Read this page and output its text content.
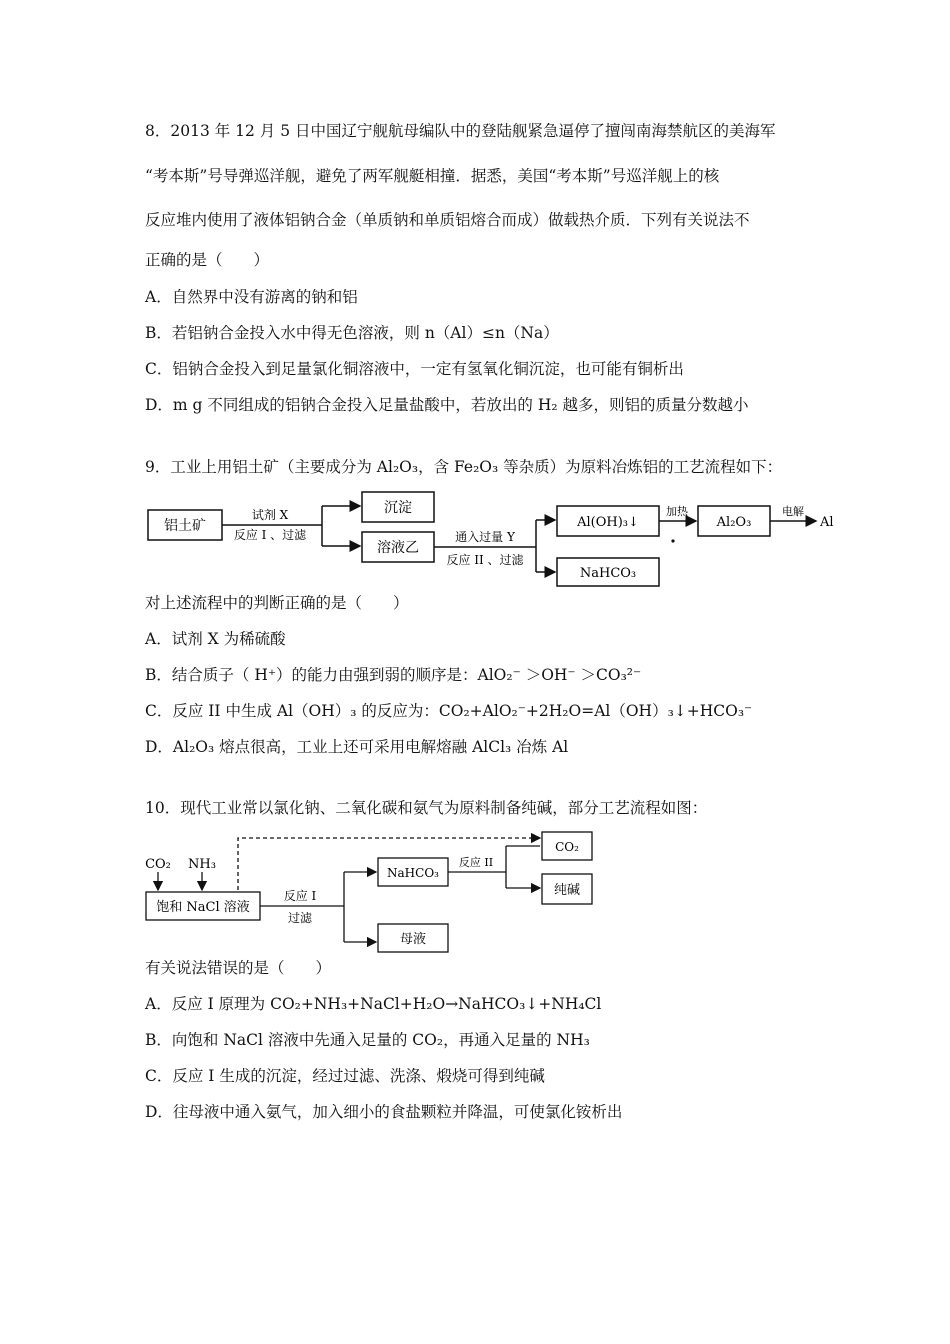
8．2013 年 12 月 5 日中国辽宁舰航母编队中的登陆舰紧急逼停了擅闯南海禁航区的美海军
“考本斯”号导弹巡洋舰，避免了两军舰艇相撞．据悉，美国“考本斯”号巡洋舰上的核
反应堆内使用了液体铝钠合金（单质钠和单质铝熔合而成）做载热介质．下列有关说法不
正确的是（　　）
A．自然界中没有游离的钠和铝
B．若铝钠合金投入水中得无色溶液，则 n（Al）≤n（Na）
C．铝钠合金投入到足量氯化铜溶液中，一定有氢氧化铜沉淀，也可能有铜析出
D．m g 不同组成的铝钠合金投入足量盐酸中，若放出的 H₂ 越多，则铝的质量分数越小
9．工业上用铝土矿（主要成分为 Al₂O₃，含 Fe₂O₃ 等杂质）为原料冶炼铝的工艺流程如下：
铝土矿
试剂 X
反应 I 、过滤
沉淀
溶液乙
通入过量 Y
反应 II 、过滤
Al(OH)₃↓
NaHCO₃
加热
Al₂O₃
电解
Al
对上述流程中的判断正确的是（　　）
A．试剂 X 为稀硫酸
B．结合质子（ H⁺）的能力由强到弱的顺序是：AlO₂⁻ ＞OH⁻ ＞CO₃²⁻
C．反应 II 中生成 Al（OH）₃ 的反应为：CO₂+AlO₂⁻+2H₂O=Al（OH）₃↓+HCO₃⁻
D．Al₂O₃ 熔点很高，工业上还可采用电解熔融 AlCl₃ 冶炼 Al
10．现代工业常以氯化钠、二氧化碳和氨气为原料制备纯碱，部分工艺流程如图：
CO₂ NH₃
饱和 NaCl 溶液
反应 I
过滤
NaHCO₃
母液
反应 II
CO₂
纯碱
有关说法错误的是（　　）
A．反应 I 原理为 CO₂+NH₃+NaCl+H₂O→NaHCO₃↓+NH₄Cl
B．向饱和 NaCl 溶液中先通入足量的 CO₂，再通入足量的 NH₃
C．反应 I 生成的沉淀，经过过滤、洗涤、煅烧可得到纯碱
D．往母液中通入氨气，加入细小的食盐颗粒并降温，可使氯化铵析出
